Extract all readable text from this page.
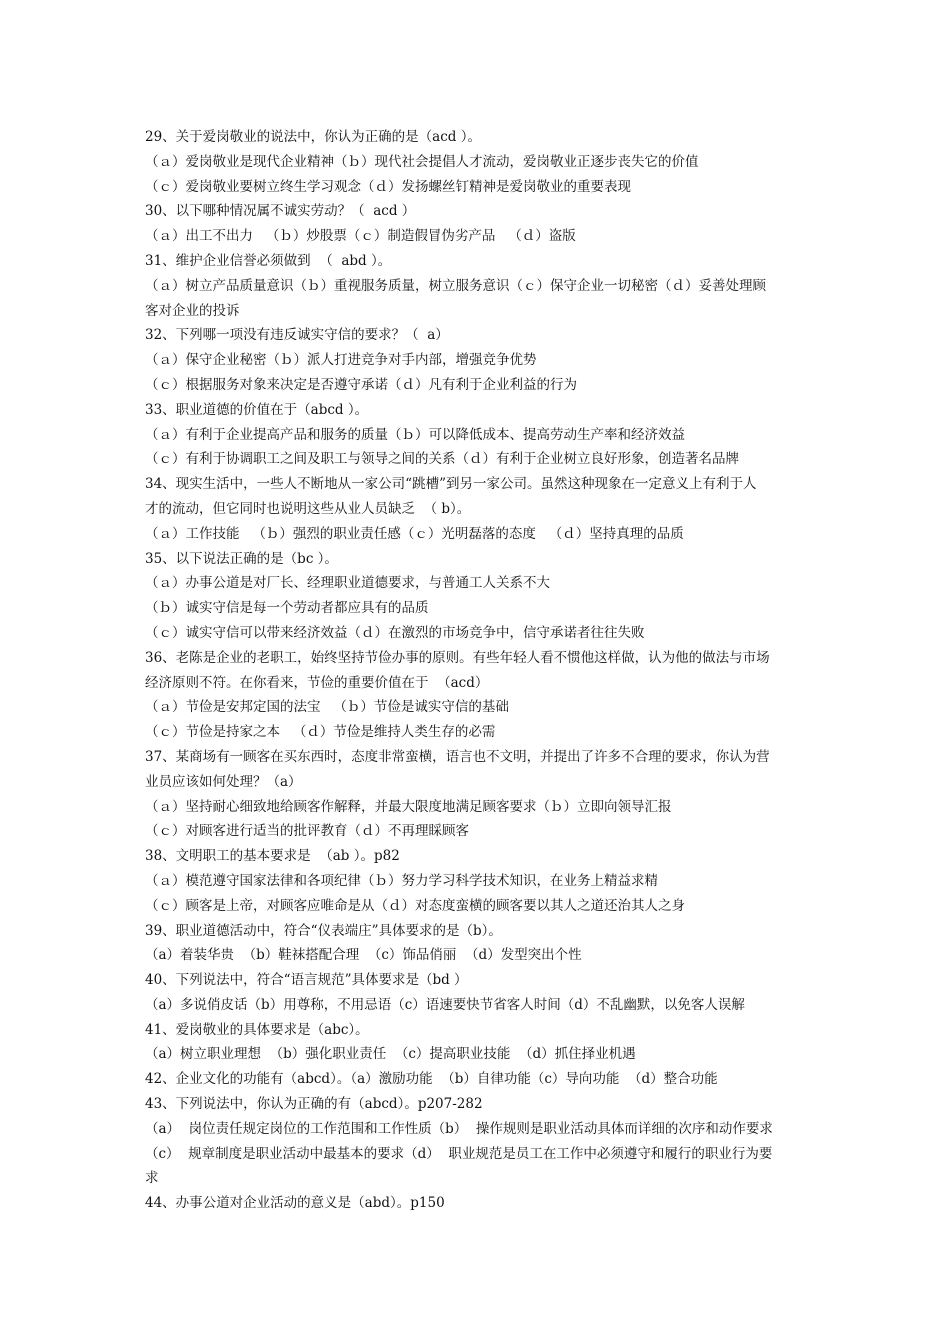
29、关于爱岗敬业的说法中，你认为正确的是（acd ）。
（ａ）爱岗敬业是现代企业精神（ｂ）现代社会提倡人才流动，爱岗敬业正逐步丧失它的价值
（ｃ）爱岗敬业要树立终生学习观念（ｄ）发扬螺丝钉精神是爱岗敬业的重要表现
30、以下哪种情况属不诚实劳动？（  acd ）
（ａ）出工不出力   （ｂ）炒股票（ｃ）制造假冒伪劣产品   （ｄ）盗版
31、维护企业信誉必须做到  （  abd ）。
（ａ）树立产品质量意识（ｂ）重视服务质量，树立服务意识（ｃ）保守企业一切秘密（ｄ）妥善处理顾
客对企业的投诉
32、下列哪一项没有违反诚实守信的要求？（  a）
（ａ）保守企业秘密（ｂ）派人打进竞争对手内部，增强竞争优势
（ｃ）根据服务对象来决定是否遵守承诺（ｄ）凡有利于企业利益的行为
33、职业道德的价值在于（abcd ）。
（ａ）有利于企业提高产品和服务的质量（ｂ）可以降低成本、提高劳动生产率和经济效益
（ｃ）有利于协调职工之间及职工与领导之间的关系（ｄ）有利于企业树立良好形象，创造著名品牌
34、现实生活中，一些人不断地从一家公司“跳槽”到另一家公司。虽然这种现象在一定意义上有利于人
才的流动，但它同时也说明这些从业人员缺乏  （ b）。
（ａ）工作技能   （ｂ）强烈的职业责任感（ｃ）光明磊落的态度   （ｄ）坚持真理的品质
35、以下说法正确的是（bc ）。
（ａ）办事公道是对厂长、经理职业道德要求，与普通工人关系不大
（ｂ）诚实守信是每一个劳动者都应具有的品质
（ｃ）诚实守信可以带来经济效益（ｄ）在激烈的市场竞争中，信守承诺者往往失败
36、老陈是企业的老职工，始终坚持节俭办事的原则。有些年轻人看不惯他这样做，认为他的做法与市场
经济原则不符。在你看来，节俭的重要价值在于  （acd）
（ａ）节俭是安邦定国的法宝   （ｂ）节俭是诚实守信的基础
（ｃ）节俭是持家之本   （ｄ）节俭是维持人类生存的必需
37、某商场有一顾客在买东西时，态度非常蛮横，语言也不文明，并提出了许多不合理的要求，你认为营
业员应该如何处理？（a）
（ａ）坚持耐心细致地给顾客作解释，并最大限度地满足顾客要求（ｂ）立即向领导汇报
（ｃ）对顾客进行适当的批评教育（ｄ）不再理睬顾客
38、文明职工的基本要求是  （ab ）。p82
（ａ）模范遵守国家法律和各项纪律（ｂ）努力学习科学技术知识，在业务上精益求精
（ｃ）顾客是上帝，对顾客应唯命是从（ｄ）对态度蛮横的顾客要以其人之道还治其人之身
39、职业道德活动中，符合“仪表端庄”具体要求的是（b）。
（a）着装华贵  （b）鞋袜搭配合理  （c）饰品俏丽  （d）发型突出个性
40、下列说法中，符合“语言规范”具体要求是（bd ）
（a）多说俏皮话（b）用尊称，不用忌语（c）语速要快节省客人时间（d）不乱幽默，以免客人误解
41、爱岗敬业的具体要求是（abc）。
（a）树立职业理想  （b）强化职业责任  （c）提高职业技能  （d）抓住择业机遇
42、企业文化的功能有（abcd）。（a）激励功能  （b）自律功能（c）导向功能  （d）整合功能
43、下列说法中，你认为正确的有（abcd）。p207-282
（a）  岗位责任规定岗位的工作范围和工作性质（b）  操作规则是职业活动具体而详细的次序和动作要求
（c）  规章制度是职业活动中最基本的要求（d）  职业规范是员工在工作中必须遵守和履行的职业行为要
求
44、办事公道对企业活动的意义是（abd）。p150
